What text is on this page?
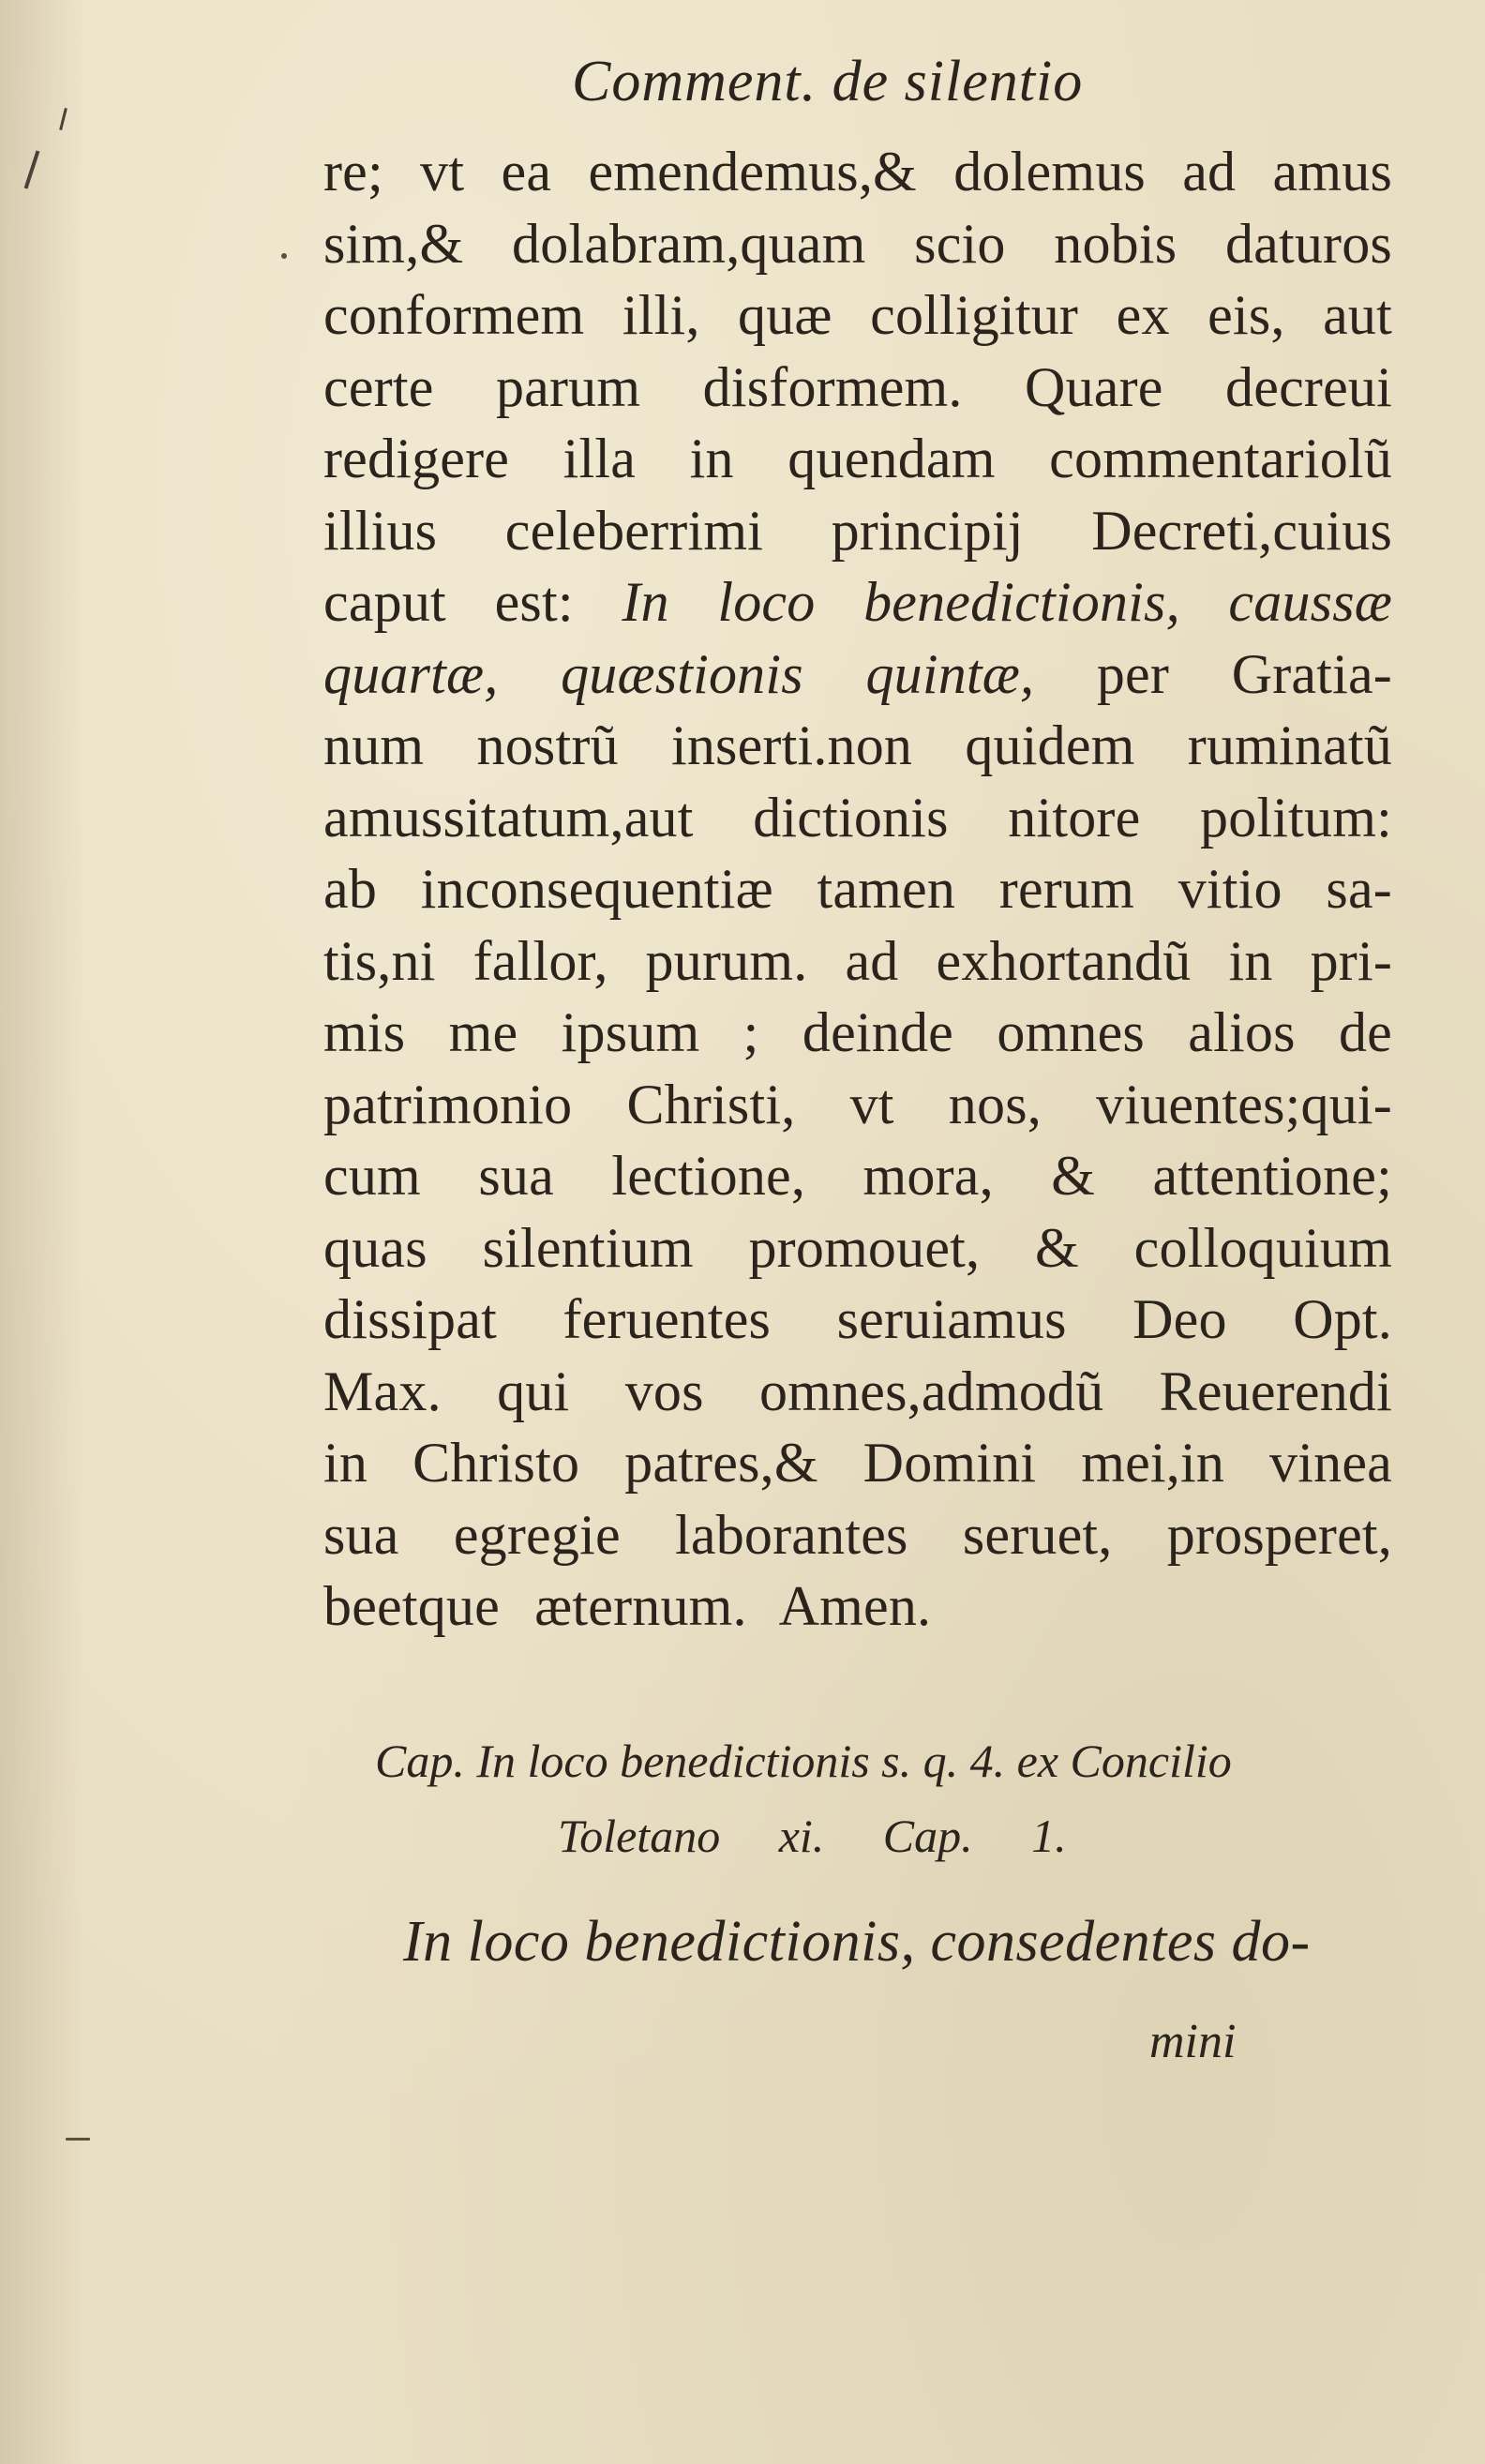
Comment. de silentio
re; vt ea emendemus,& dolemus ad amus
sim,& dolabram,quam scio nobis daturos
conformem illi, quæ colligitur ex eis, aut
certe parum disformem. Quare decreui
redigere illa in quendam commentariolũ
illius celeberrimi principij Decreti,cuius
caput est: In loco benedictionis, caussæ
quartæ, quæstionis quintæ, per Gratia-
num nostrũ inserti.non quidem ruminatũ
amussitatum,aut dictionis nitore politum:
ab inconsequentiæ tamen rerum vitio sa-
tis,ni fallor, purum. ad exhortandũ in pri-
mis me ipsum ; deinde omnes alios de
patrimonio Christi, vt nos, viuentes;qui-
cum sua lectione, mora, & attentione;
quas silentium promouet, & colloquium
dissipat feruentes seruiamus Deo Opt.
Max. qui vos omnes,admodũ Reuerendi
in Christo patres,& Domini mei,in vinea
sua egregie laborantes seruet, prosperet,
beetque æternum. Amen.
Cap. In loco benedictionis s. q. 4. ex Concilio
Toletano xi. Cap. 1.
In loco benedictionis, consedentes do-
mini
